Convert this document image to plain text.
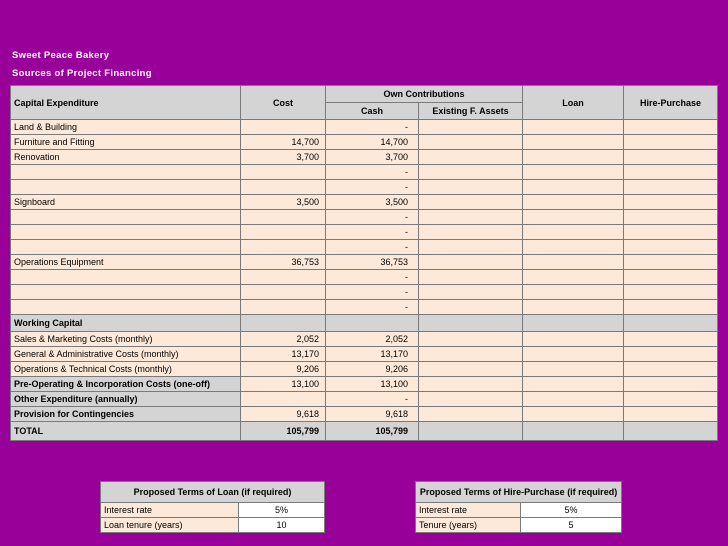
Sweet Peace Bakery
Sources of Project Financing
Capital Expenditure	Cost	Own Contributions		Loan	Hire-Purchase
		Cash	Existing F. Assets		
Land & Building		-			
Furniture and Fitting	14,700	14,700			
Renovation	3,700	3,700			
		-			
		-			
Signboard	3,500	3,500			
		-			
		-			
		-			
Operations Equipment	36,753	36,753			
		-			
		-			
		-			
Working Capital					
Sales & Marketing Costs (monthly)	2,052	2,052			
General & Administrative Costs (monthly)	13,170	13,170			
Operations & Technical Costs (monthly)	9,206	9,206			
Pre-Operating & Incorporation Costs (one-off)	13,100	13,100			
Other Expenditure (annually)		-			
Provision for Contingencies	9,618	9,618			
TOTAL	105,799	105,799			
Proposed Terms of Loan (if required)	
Interest rate	5%
Loan tenure (years)	10
Proposed Terms of Hire-Purchase (if required)	
Interest rate	5%
Tenure (years)	5
